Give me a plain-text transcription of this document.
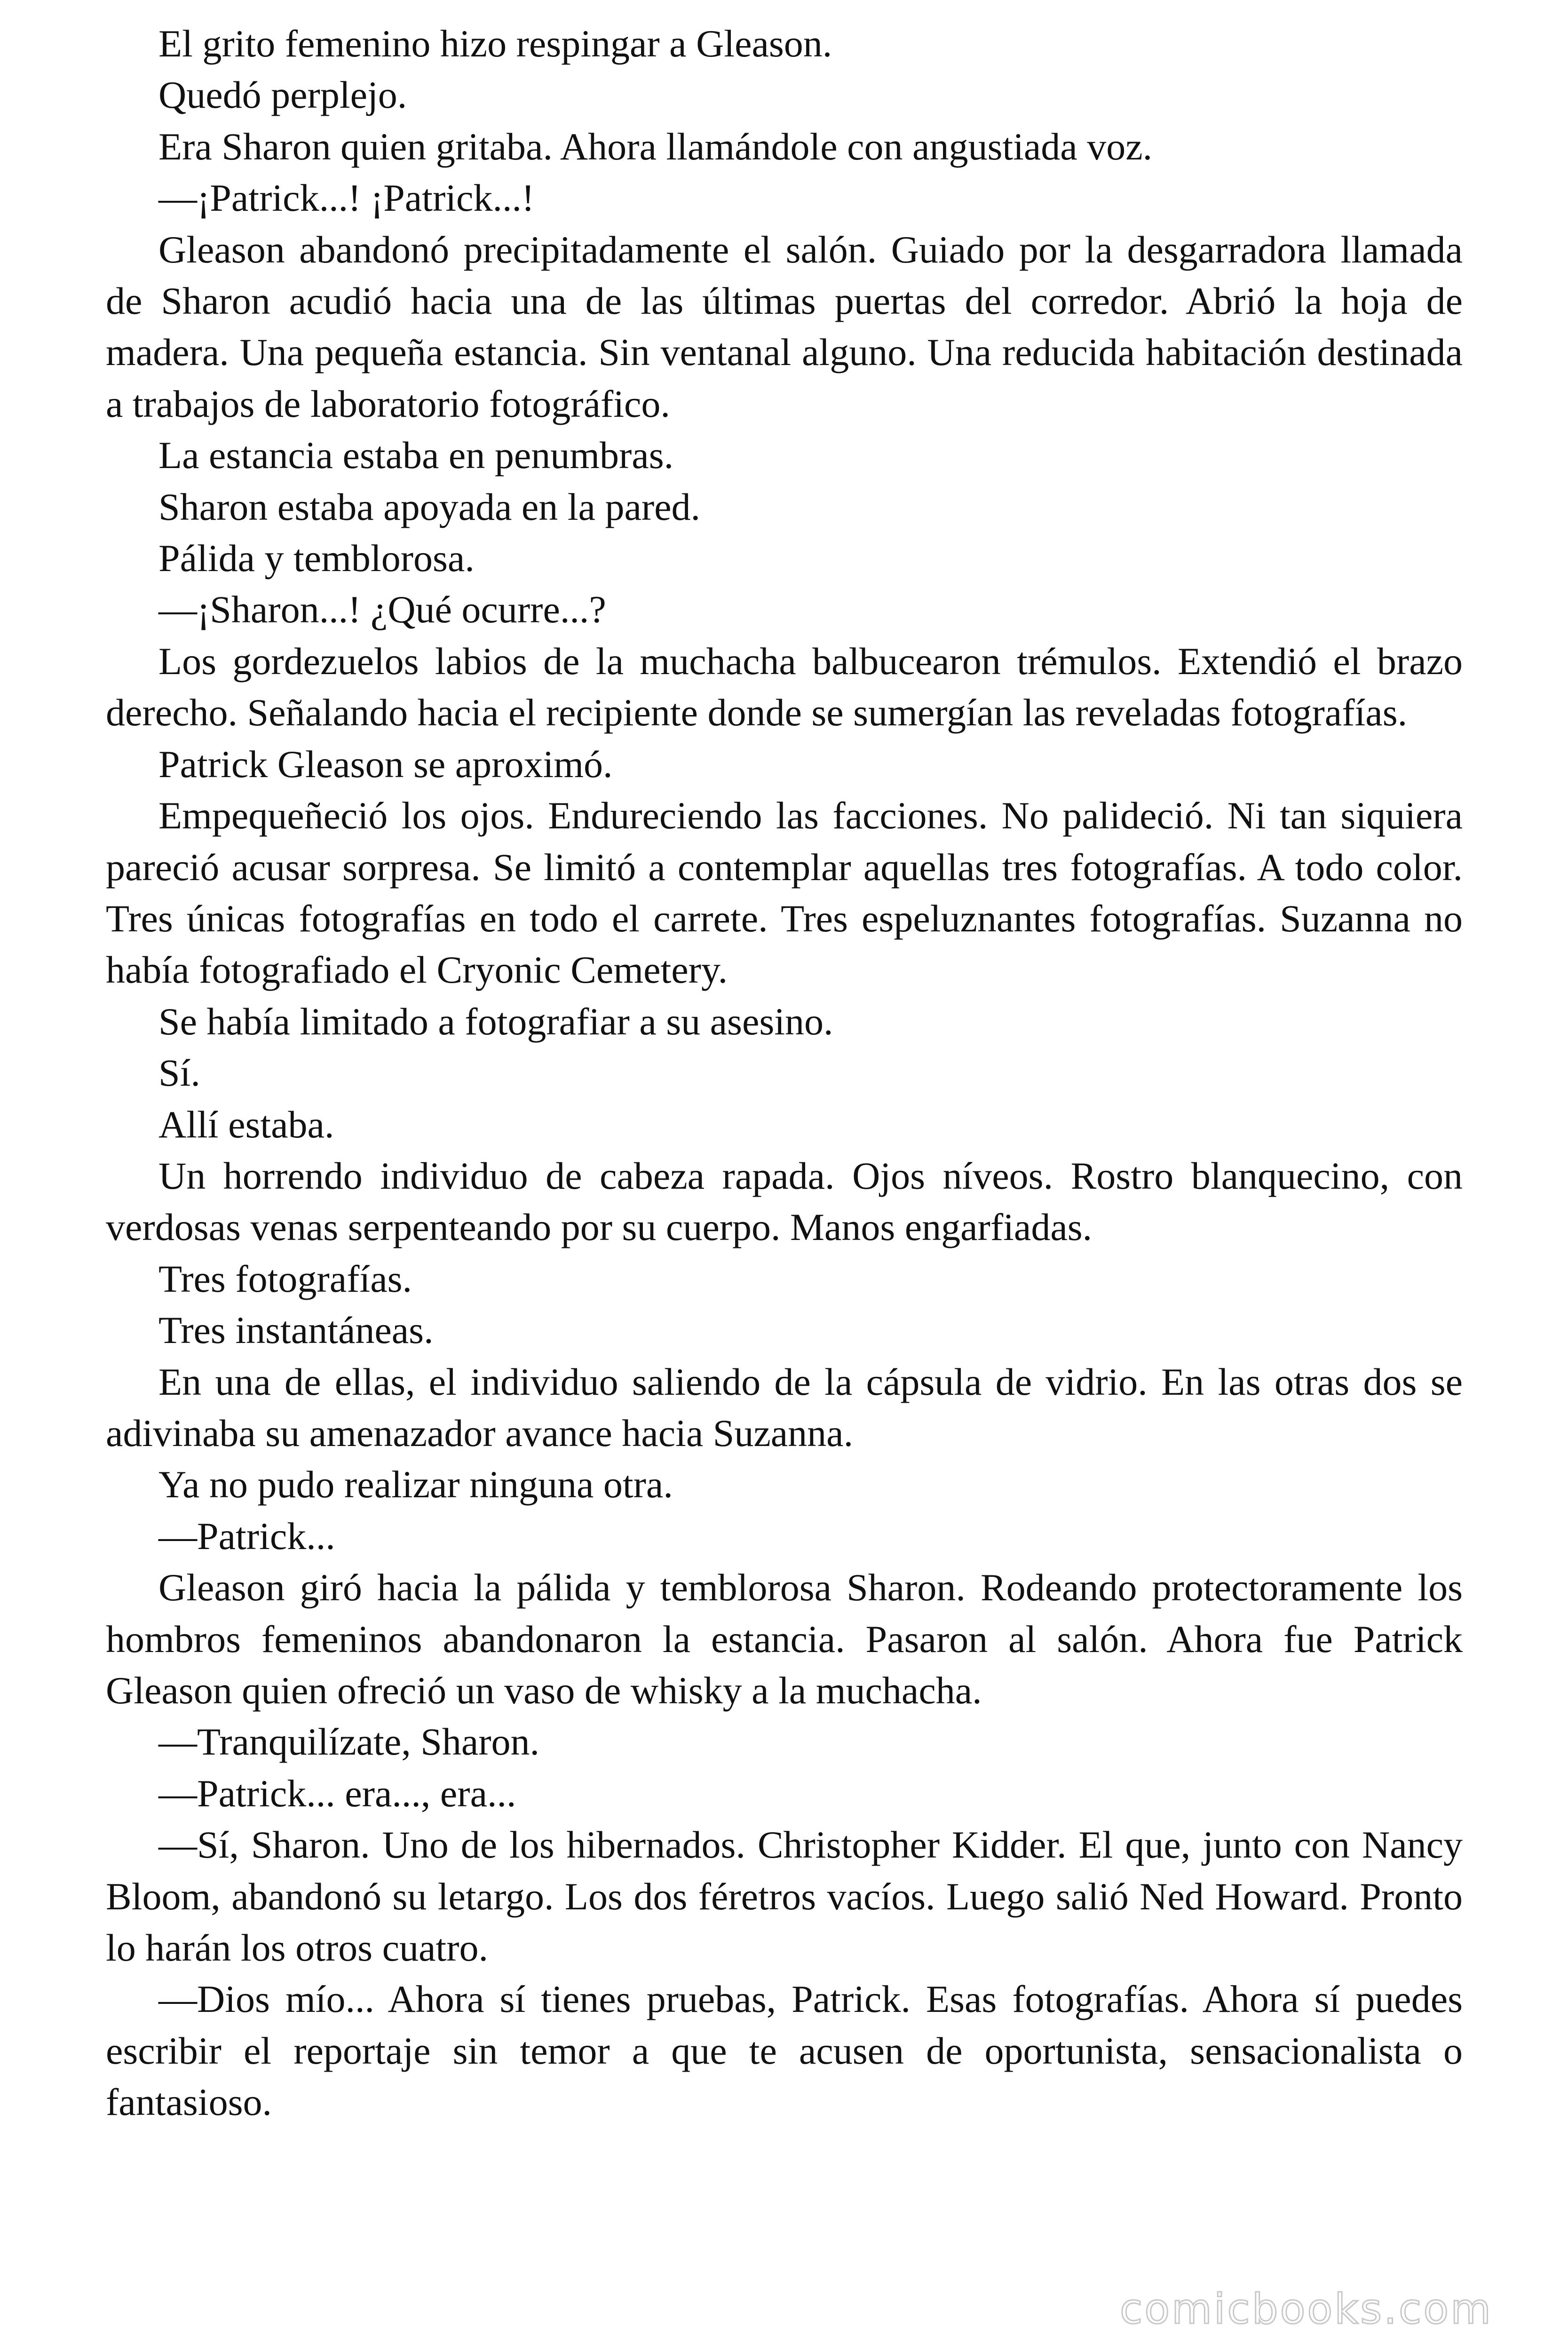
El grito femenino hizo respingar a Gleason.

Quedó perplejo.

Era Sharon quien gritaba. Ahora llamándole con angustiada voz.

—¡Patrick...! ¡Patrick...!

Gleason abandonó precipitadamente el salón. Guiado por la desgarradora llamada de Sharon acudió hacia una de las últimas puertas del corredor. Abrió la hoja de madera. Una pequeña estancia. Sin ventanal alguno. Una reducida habitación destinada a trabajos de laboratorio fotográfico.

La estancia estaba en penumbras.

Sharon estaba apoyada en la pared.

Pálida y temblorosa.

—¡Sharon...! ¿Qué ocurre...?

Los gordezuelos labios de la muchacha balbucearon trémulos. Extendió el brazo derecho. Señalando hacia el recipiente donde se sumergían las reveladas fotografías.

Patrick Gleason se aproximó.

Empequeñeció los ojos. Endureciendo las facciones. No palideció. Ni tan siquiera pareció acusar sorpresa. Se limitó a contemplar aquellas tres fotografías. A todo color. Tres únicas fotografías en todo el carrete. Tres espeluznantes fotografías. Suzanna no había fotografiado el Cryonic Cemetery.

Se había limitado a fotografiar a su asesino.

Sí.

Allí estaba.

Un horrendo individuo de cabeza rapada. Ojos níveos. Rostro blanquecino, con verdosas venas serpenteando por su cuerpo. Manos engarfiadas.

Tres fotografías.

Tres instantáneas.

En una de ellas, el individuo saliendo de la cápsula de vidrio. En las otras dos se adivinaba su amenazador avance hacia Suzanna.

Ya no pudo realizar ninguna otra.

—Patrick...

Gleason giró hacia la pálida y temblorosa Sharon. Rodeando protectoramente los hombros femeninos abandonaron la estancia. Pasaron al salón. Ahora fue Patrick Gleason quien ofreció un vaso de whisky a la muchacha.

—Tranquilízate, Sharon.

—Patrick... era..., era...

—Sí, Sharon. Uno de los hibernados. Christopher Kidder. El que, junto con Nancy Bloom, abandonó su letargo. Los dos féretros vacíos. Luego salió Ned Howard. Pronto lo harán los otros cuatro.

—Dios mío... Ahora sí tienes pruebas, Patrick. Esas fotografías. Ahora sí puedes escribir el reportaje sin temor a que te acusen de oportunista, sensacionalista o fantasioso.

comicbooks.com
